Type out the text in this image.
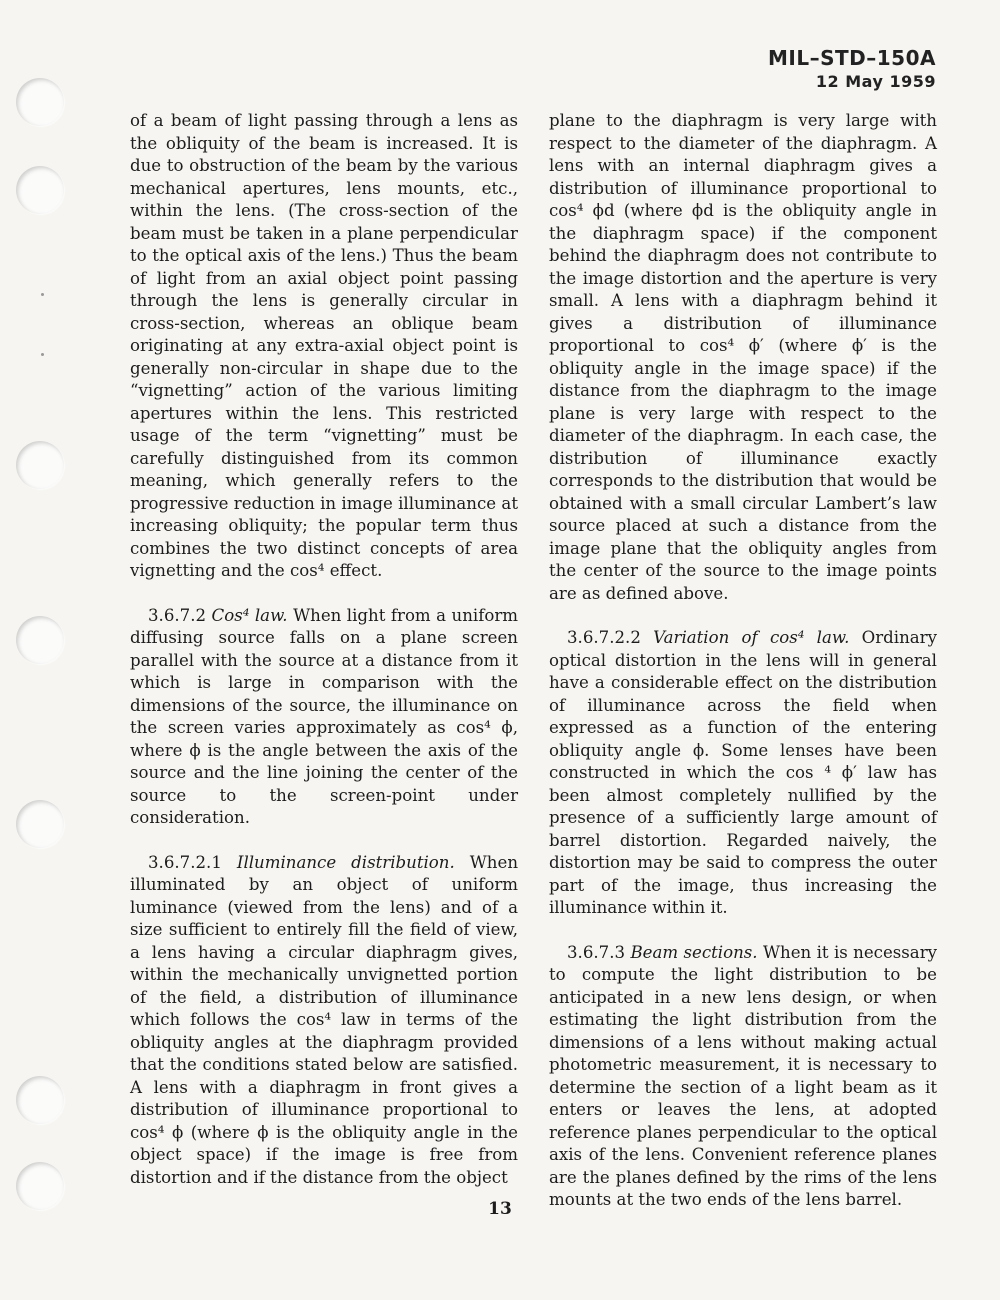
MIL–STD–150A
12 May 1959

of a beam of light passing through a lens as the obliquity of the beam is increased. It is due to obstruction of the beam by the various mechanical apertures, lens mounts, etc., within the lens. (The cross-section of the beam must be taken in a plane perpendicular to the optical axis of the lens.) Thus the beam of light from an axial object point passing through the lens is generally circular in cross-section, whereas an oblique beam originating at any extra-axial object point is generally non-circular in shape due to the “vignetting” action of the various limiting apertures within the lens. This restricted usage of the term “vignetting” must be carefully distinguished from its common meaning, which generally refers to the progressive reduction in image illuminance at increasing obliquity; the popular term thus combines the two distinct concepts of area vignetting and the cos⁴ effect.

3.6.7.2 Cos⁴ law. When light from a uniform diffusing source falls on a plane screen parallel with the source at a distance from it which is large in comparison with the dimensions of the source, the illuminance on the screen varies approximately as cos⁴ ϕ, where ϕ is the angle between the axis of the source and the line joining the center of the source to the screen-point under consideration.

3.6.7.2.1 Illuminance distribution. When illuminated by an object of uniform luminance (viewed from the lens) and of a size sufficient to entirely fill the field of view, a lens having a circular diaphragm gives, within the mechanically unvignetted portion of the field, a distribution of illuminance which follows the cos⁴ law in terms of the obliquity angles at the diaphragm provided that the conditions stated below are satisfied. A lens with a diaphragm in front gives a distribution of illuminance proportional to cos⁴ ϕ (where ϕ is the obliquity angle in the object space) if the image is free from distortion and if the distance from the object

plane to the diaphragm is very large with respect to the diameter of the diaphragm. A lens with an internal diaphragm gives a distribution of illuminance proportional to cos⁴ ϕd (where ϕd is the obliquity angle in the diaphragm space) if the component behind the diaphragm does not contribute to the image distortion and the aperture is very small. A lens with a diaphragm behind it gives a distribution of illuminance proportional to cos⁴ ϕ′ (where ϕ′ is the obliquity angle in the image space) if the distance from the diaphragm to the image plane is very large with respect to the diameter of the diaphragm. In each case, the distribution of illuminance exactly corresponds to the distribution that would be obtained with a small circular Lambert’s law source placed at such a distance from the image plane that the obliquity angles from the center of the source to the image points are as defined above.

3.6.7.2.2 Variation of cos⁴ law. Ordinary optical distortion in the lens will in general have a considerable effect on the distribution of illuminance across the field when expressed as a function of the entering obliquity angle ϕ. Some lenses have been constructed in which the cos ⁴ ϕ′ law has been almost completely nullified by the presence of a sufficiently large amount of barrel distortion. Regarded naively, the distortion may be said to compress the outer part of the image, thus increasing the illuminance within it.

3.6.7.3 Beam sections. When it is necessary to compute the light distribution to be anticipated in a new lens design, or when estimating the light distribution from the dimensions of a lens without making actual photometric measurement, it is necessary to determine the section of a light beam as it enters or leaves the lens, at adopted reference planes perpendicular to the optical axis of the lens. Convenient reference planes are the planes defined by the rims of the lens mounts at the two ends of the lens barrel.

13
